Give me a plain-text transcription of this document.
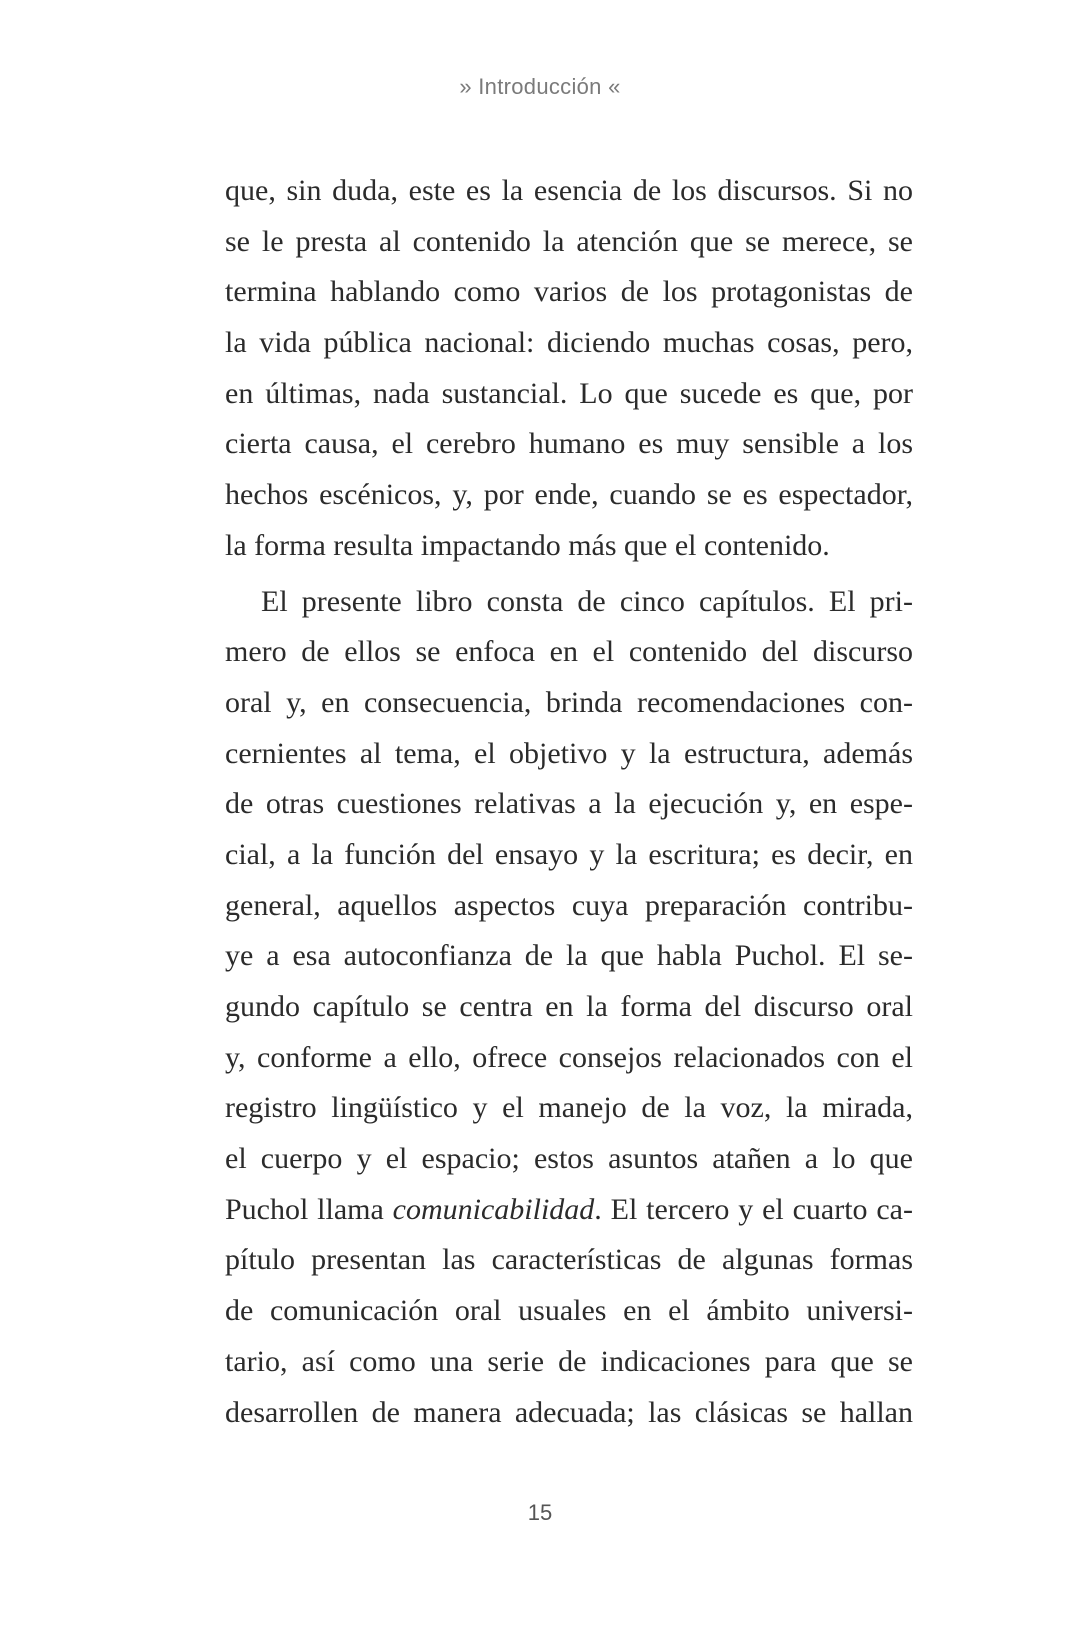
» Introducción «
que, sin duda, este es la esencia de los discursos. Si no
se le presta al contenido la atención que se merece, se
termina hablando como varios de los protagonistas de
la vida pública nacional: diciendo muchas cosas, pero,
en últimas, nada sustancial. Lo que sucede es que, por
cierta causa, el cerebro humano es muy sensible a los
hechos escénicos, y, por ende, cuando se es espectador,
la forma resulta impactando más que el contenido.
El presente libro consta de cinco capítulos. El pri-
mero de ellos se enfoca en el contenido del discurso
oral y, en consecuencia, brinda recomendaciones con-
cernientes al tema, el objetivo y la estructura, además
de otras cuestiones relativas a la ejecución y, en espe-
cial, a la función del ensayo y la escritura; es decir, en
general, aquellos aspectos cuya preparación contribu-
ye a esa autoconfianza de la que habla Puchol. El se-
gundo capítulo se centra en la forma del discurso oral
y, conforme a ello, ofrece consejos relacionados con el
registro lingüístico y el manejo de la voz, la mirada,
el cuerpo y el espacio; estos asuntos atañen a lo que
Puchol llama comunicabilidad. El tercero y el cuarto ca-
pítulo presentan las características de algunas formas
de comunicación oral usuales en el ámbito universi-
tario, así como una serie de indicaciones para que se
desarrollen de manera adecuada; las clásicas se hallan
15
